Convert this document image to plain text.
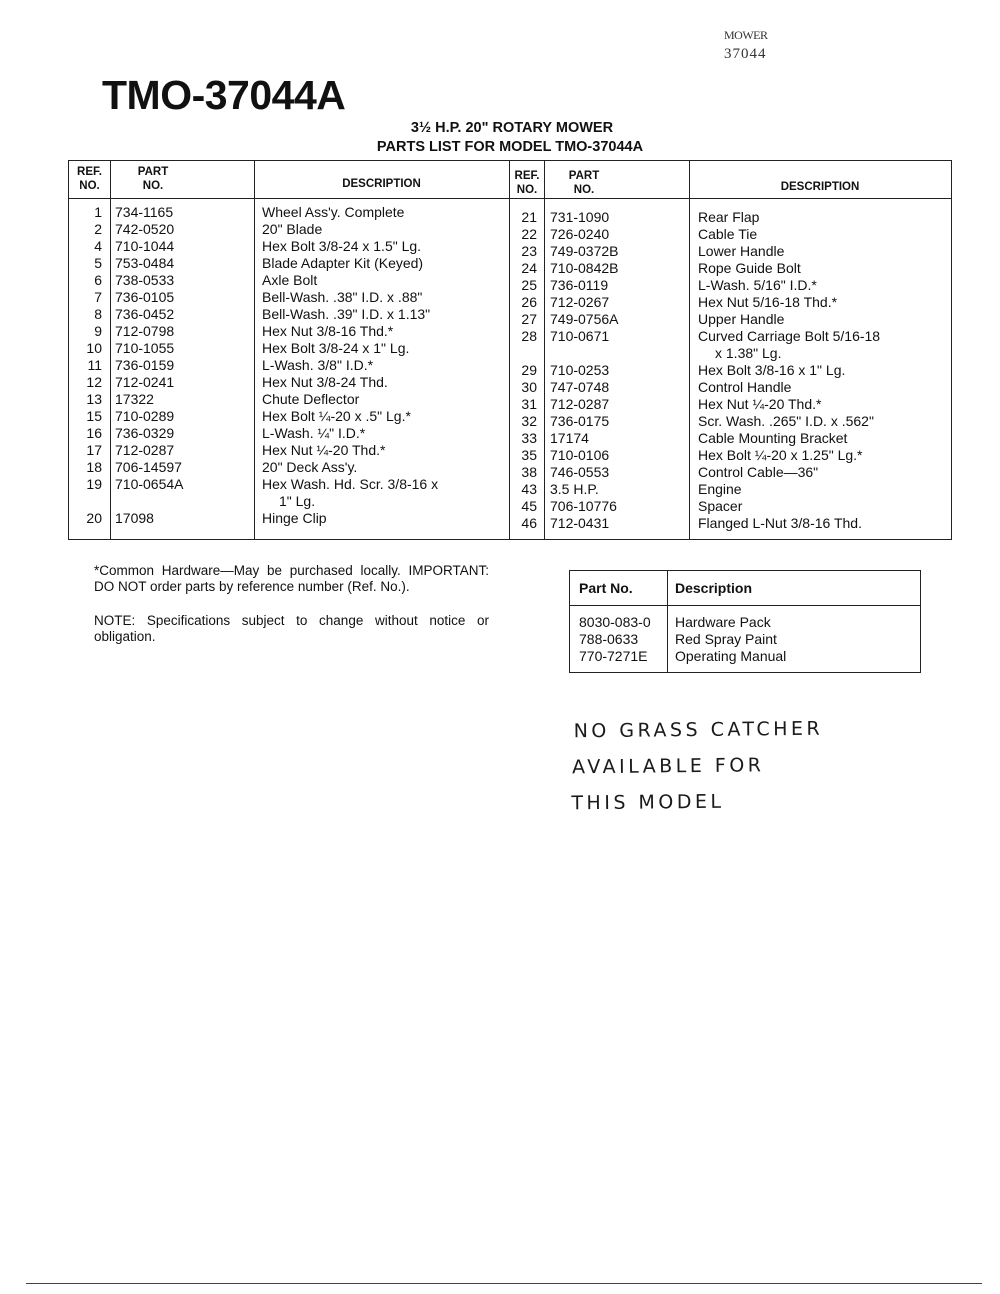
MOWER
37044
TMO-37044A
3½ H.P. 20" ROTARY MOWER
PARTS LIST FOR MODEL TMO-37044A
REF.
NO.
PART
NO.	DESCRIPTION
REF.
NO.
PART
NO.	DESCRIPTION
1 734-1165	Wheel Ass'y. Complete
2 742-0520	20" Blade
4 710-1044	Hex Bolt 3/8-24 x 1.5" Lg.
5 753-0484	Blade Adapter Kit (Keyed)
6 738-0533	Axle Bolt
7 736-0105	Bell-Wash. .38" I.D. x .88"
8 736-0452	Bell-Wash. .39" I.D. x 1.13"
9 712-0798	Hex Nut 3/8-16 Thd.*
10 710-1055	Hex Bolt 3/8-24 x 1" Lg.
11 736-0159	L-Wash. 3/8" I.D.*
12 712-0241	Hex Nut 3/8-24 Thd.
13 17322	Chute Deflector
15 710-0289	Hex Bolt ¼-20 x .5" Lg.*
16 736-0329	L-Wash. ¼" I.D.*
17 712-0287	Hex Nut ¼-20 Thd.*
18 706-14597	20" Deck Ass'y.
19 710-0654A	Hex Wash. Hd. Scr. 3/8-16 x
1" Lg.
20 17098	Hinge Clip
21 731-1090	Rear Flap
22 726-0240	Cable Tie
23 749-0372B	Lower Handle
24 710-0842B	Rope Guide Bolt
25 736-0119	L-Wash. 5/16" I.D.*
26 712-0267	Hex Nut 5/16-18 Thd.*
27 749-0756A	Upper Handle
28 710-0671	Curved Carriage Bolt 5/16-18
x 1.38" Lg.
29 710-0253	Hex Bolt 3/8-16 x 1" Lg.
30 747-0748	Control Handle
31 712-0287	Hex Nut ¼-20 Thd.*
32 736-0175	Scr. Wash. .265" I.D. x .562"
33 17174	Cable Mounting Bracket
35 710-0106	Hex Bolt ¼-20 x 1.25" Lg.*
38 746-0553	Control Cable—36"
43 3.5 H.P.	Engine
45 706-10776	Spacer
46 712-0431	Flanged L-Nut 3/8-16 Thd.

*Common Hardware—May be purchased locally. IMPORTANT: DO NOT order parts by reference number (Ref. No.).

NOTE: Specifications subject to change without notice or obligation.

Part No.	Description
8030-083-0 Hardware Pack
788-0633	Red Spray Paint
770-7271E Operating Manual
NO GRASS CATCHER
AVAILABLE FOR
THIS MODEL
